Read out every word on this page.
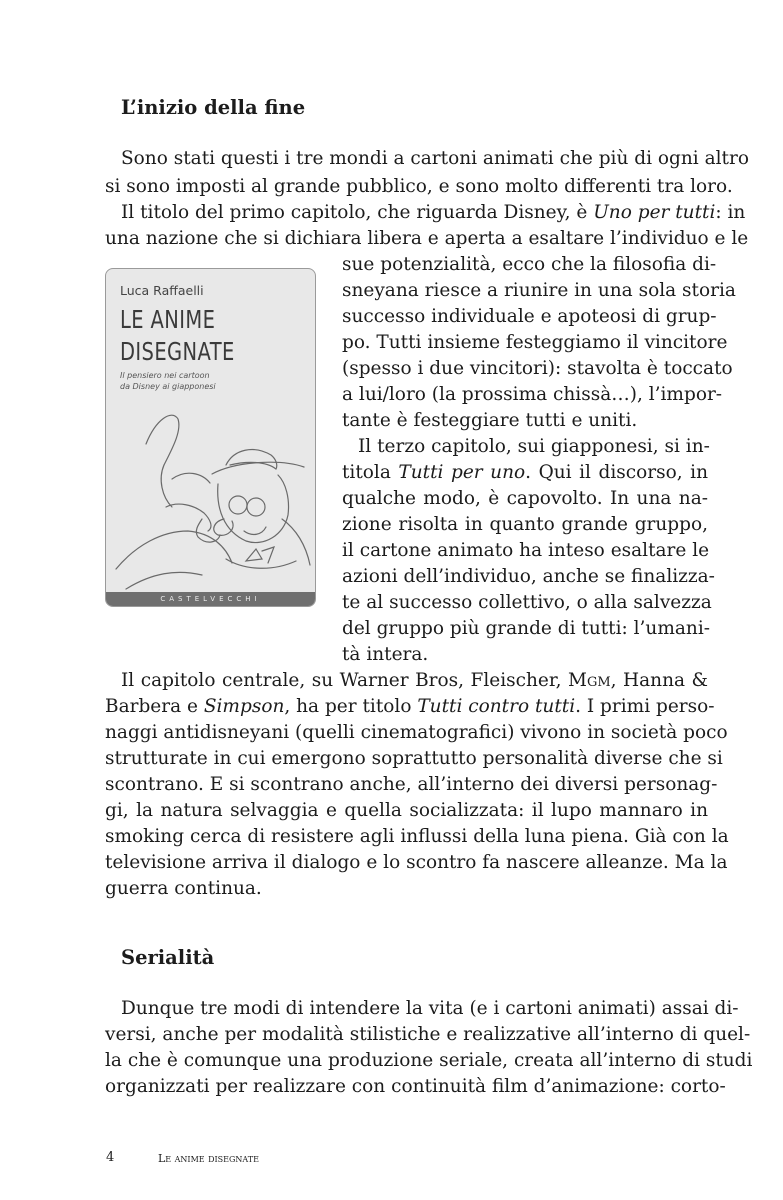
L’inizio della fine
Sono stati questi i tre mondi a cartoni animati che più di ogni altro
si sono imposti al grande pubblico, e sono molto differenti tra loro.
Il titolo del primo capitolo, che riguarda Disney, è Uno per tutti: in
una nazione che si dichiara libera e aperta a esaltare l’individuo e le
sue potenzialità, ecco che la filosofia di-
sneyana riesce a riunire in una sola storia
successo individuale e apoteosi di grup-
po. Tutti insieme festeggiamo il vincitore
(spesso i due vincitori): stavolta è toccato
a lui/loro (la prossima chissà…), l’impor-
tante è festeggiare tutti e uniti.
Il terzo capitolo, sui giapponesi, si in-
titola Tutti per uno. Qui il discorso, in
qualche modo, è capovolto. In una na-
zione risolta in quanto grande gruppo,
il cartone animato ha inteso esaltare le
azioni dell’individuo, anche se finalizza-
te al successo collettivo, o alla salvezza
del gruppo più grande di tutti: l’umani-
tà intera.
Il capitolo centrale, su Warner Bros, Fleischer, Mgm, Hanna &
Barbera e Simpson, ha per titolo Tutti contro tutti. I primi perso-
naggi antidisneyani (quelli cinematografici) vivono in società poco
strutturate in cui emergono soprattutto personalità diverse che si
scontrano. E si scontrano anche, all’interno dei diversi personag-
gi, la natura selvaggia e quella socializzata: il lupo mannaro in
smoking cerca di resistere agli influssi della luna piena. Già con la
televisione arriva il dialogo e lo scontro fa nascere alleanze. Ma la
guerra continua.
Serialità
Dunque tre modi di intendere la vita (e i cartoni animati) assai di-
versi, anche per modalità stilistiche e realizzative all’interno di quel-
la che è comunque una produzione seriale, creata all’interno di studi
organizzati per realizzare con continuità film d’animazione: corto-
Luca Raffaelli
LE ANIME
DISEGNATE
Il pensiero nei cartoon
da Disney ai giapponesi
CASTELVECCHI
4	Le anime disegnate
